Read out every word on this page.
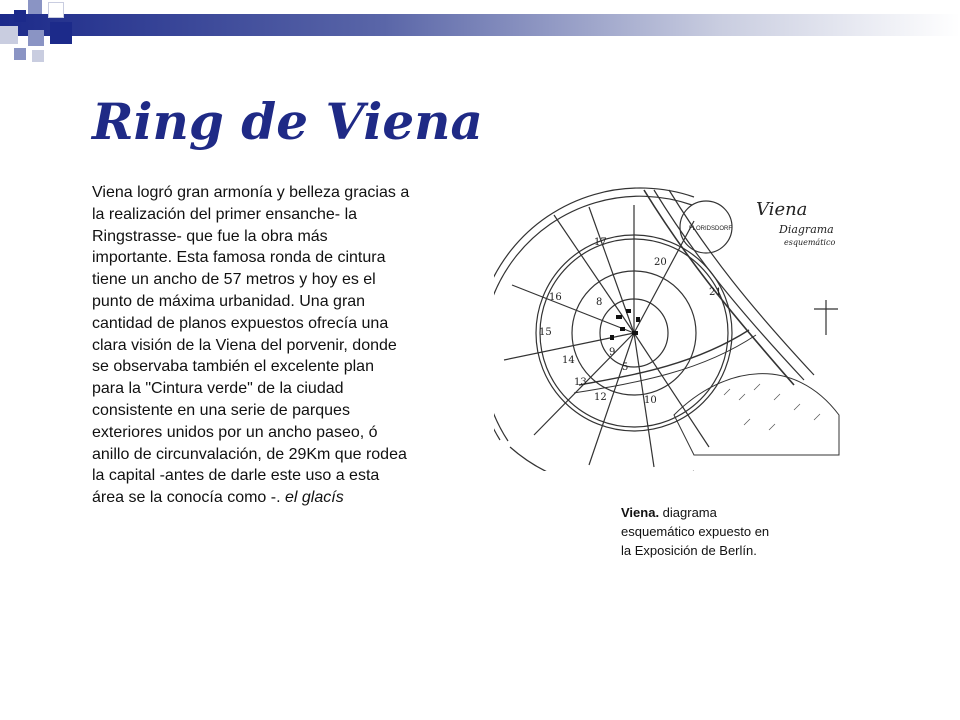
Ring de Viena

Viena logró gran armonía y belleza gracias a la realización del primer ensanche- la Ringstrasse- que fue la obra más importante. Esta famosa ronda de cintura tiene un ancho de 57 metros y hoy es el punto de máxima urbanidad. Una gran cantidad de planos expuestos ofrecía una clara visión de la Viena del porvenir, donde se observaba también el excelente plan para la "Cintura verde" de la ciudad consistente en una serie de parques exteriores unidos por un ancho paseo, ó anillo de circunvalación, de 29Km que rodea la capital -antes de darle este uso a esta área se la conocía como -. el glacís

Viena
Diagrama
esquemático
FLORIDSDORF
17
16
15
14
13
12	10
9
8
21
20
5

Viena. diagrama esquemático expuesto en la Exposición de Berlín.
